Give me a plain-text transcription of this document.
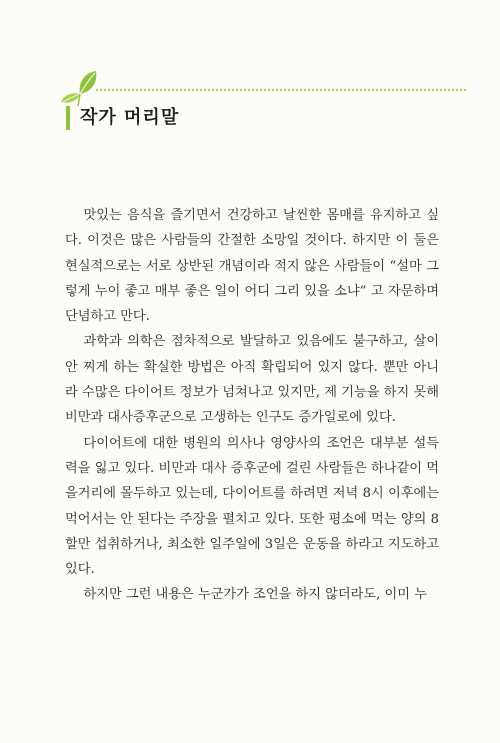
작가 머리말

맛있는 음식을 즐기면서 건강하고 날씬한 몸매를 유지하고 싶다. 이것은 많은 사람들의 간절한 소망일 것이다. 하지만 이 둘은 현실적으로는 서로 상반된 개념이라 적지 않은 사람들이 “설마 그렇게 누이 좋고 매부 좋은 일이 어디 그리 있을 소냐” 고 자문하며 단념하고 만다.

과학과 의학은 점차적으로 발달하고 있음에도 불구하고, 살이 안 찌게 하는 확실한 방법은 아직 확립되어 있지 않다. 뿐만 아니라 수많은 다이어트 정보가 넘쳐나고 있지만, 제 기능을 하지 못해 비만과 대사증후군으로 고생하는 인구도 증가일로에 있다.

다이어트에 대한 병원의 의사나 영양사의 조언은 대부분 설득력을 잃고 있다. 비만과 대사 증후군에 걸린 사람들은 하나같이 먹을거리에 몰두하고 있는데, 다이어트를 하려면 저녁 8시 이후에는 먹어서는 안 된다는 주장을 펼치고 있다. 또한 평소에 먹는 양의 8할만 섭취하거나, 최소한 일주일에 3일은 운동을 하라고 지도하고 있다.

하지만 그런 내용은 누군가가 조언을 하지 않더라도, 이미 누
